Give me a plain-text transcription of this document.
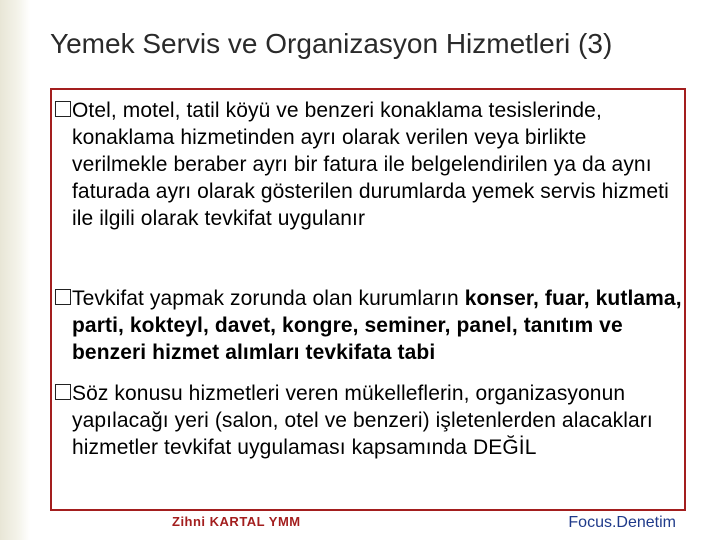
Yemek Servis ve Organizasyon Hizmetleri (3)
Otel, motel, tatil köyü ve benzeri konaklama tesislerinde, konaklama hizmetinden ayrı olarak verilen veya birlikte verilmekle beraber ayrı bir fatura ile belgelendirilen ya da aynı faturada ayrı olarak gösterilen durumlarda yemek servis hizmeti ile ilgili olarak tevkifat uygulanır
Tevkifat yapmak zorunda olan kurumların konser, fuar, kutlama, parti, kokteyl, davet, kongre, seminer, panel, tanıtım ve benzeri hizmet alımları tevkifata tabi
Söz konusu hizmetleri veren mükelleflerin, organizasyonun yapılacağı yeri (salon, otel ve benzeri) işletenlerden alacakları hizmetler tevkifat uygulaması kapsamında DEĞİL
Zihni KARTAL YMM	Focus.Denetim
